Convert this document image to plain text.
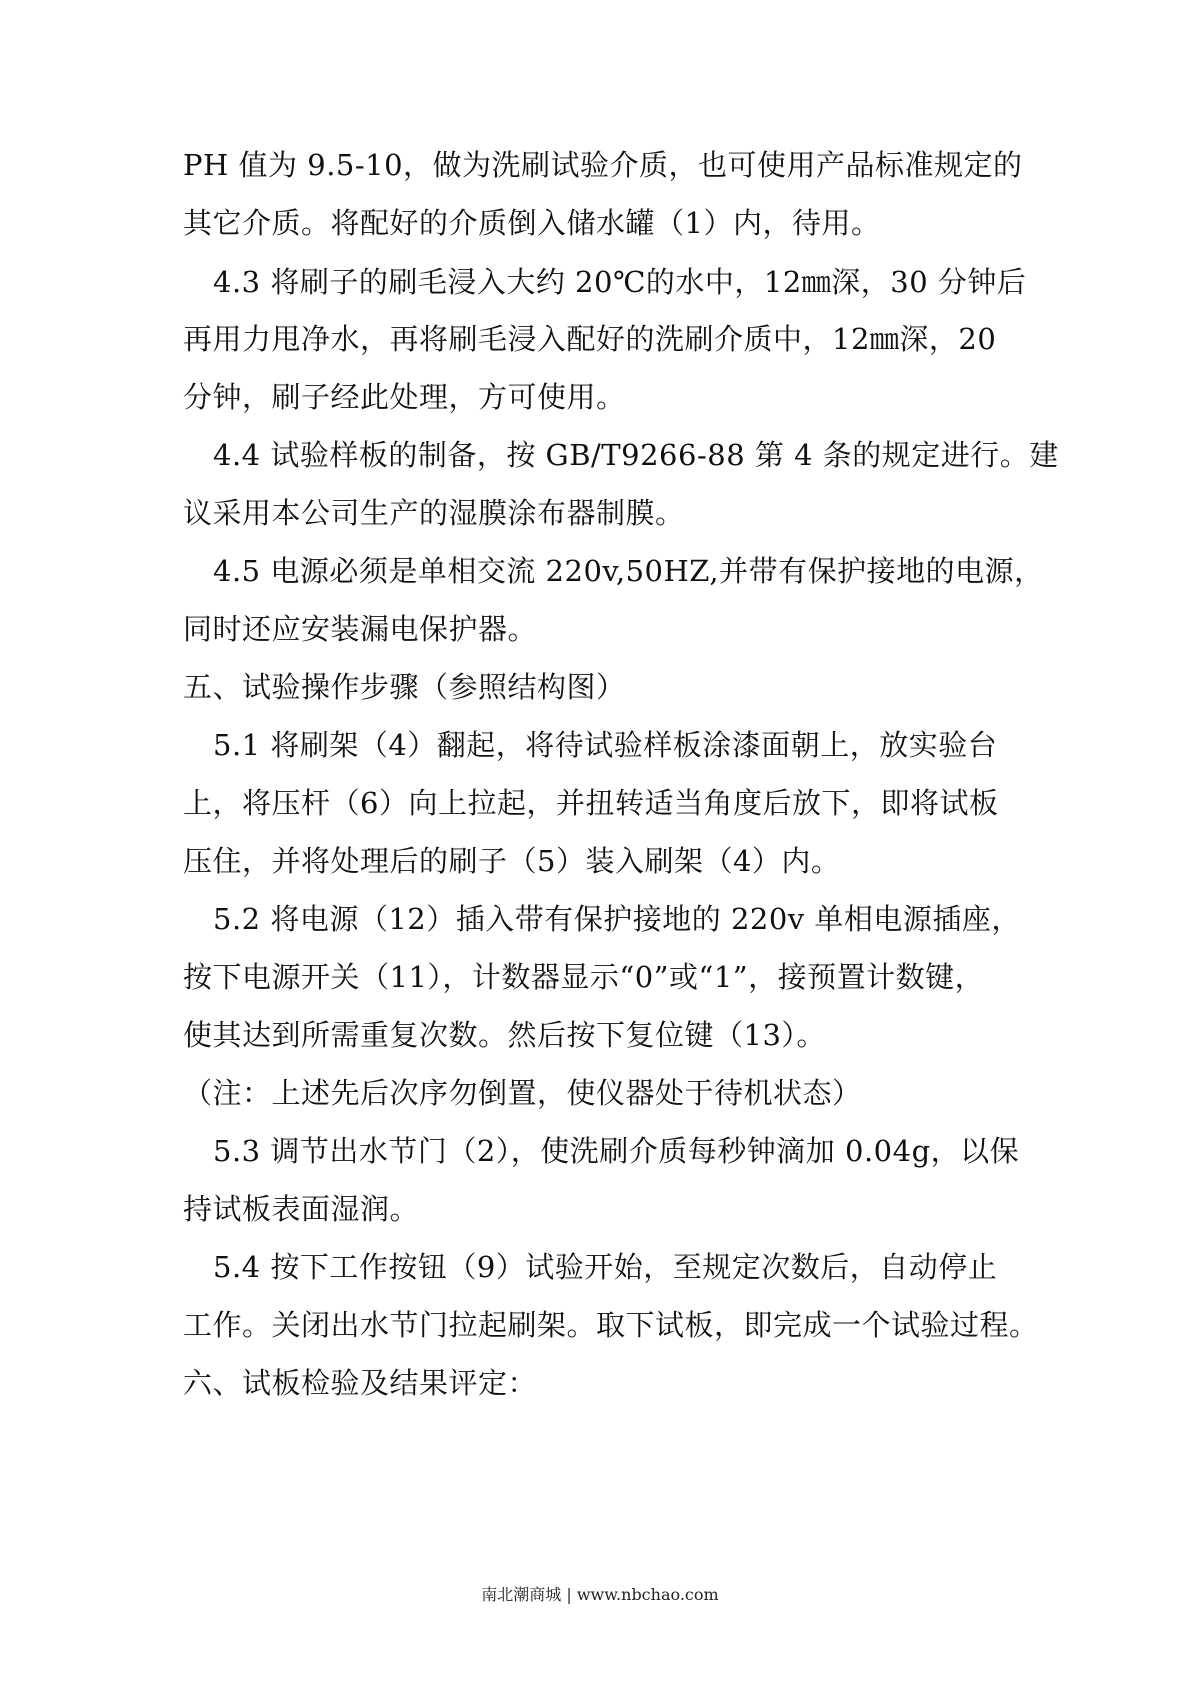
PH 值为 9.5-10，做为洗刷试验介质，也可使用产品标准规定的
其它介质。将配好的介质倒入储水罐（1）内，待用。
4.3 将刷子的刷毛浸入大约 20℃的水中，12㎜深，30 分钟后
再用力甩净水，再将刷毛浸入配好的洗刷介质中，12㎜深，20
分钟，刷子经此处理，方可使用。
4.4 试验样板的制备，按 GB/T9266-88 第 4 条的规定进行。建
议采用本公司生产的湿膜涂布器制膜。
4.5 电源必须是单相交流 220v,50HZ,并带有保护接地的电源，
同时还应安装漏电保护器。
五、试验操作步骤（参照结构图）
5.1 将刷架（4）翻起，将待试验样板涂漆面朝上，放实验台
上，将压杆（6）向上拉起，并扭转适当角度后放下，即将试板
压住，并将处理后的刷子（5）装入刷架（4）内。
5.2 将电源（12）插入带有保护接地的 220v 单相电源插座，
按下电源开关（11），计数器显示“0”或“1”，接预置计数键，
使其达到所需重复次数。然后按下复位键（13）。
（注：上述先后次序勿倒置，使仪器处于待机状态）
5.3 调节出水节门（2），使洗刷介质每秒钟滴加 0.04g，以保
持试板表面湿润。
5.4 按下工作按钮（9）试验开始，至规定次数后，自动停止
工作。关闭出水节门拉起刷架。取下试板，即完成一个试验过程。
六、试板检验及结果评定：
南北潮商城 | www.nbchao.com
